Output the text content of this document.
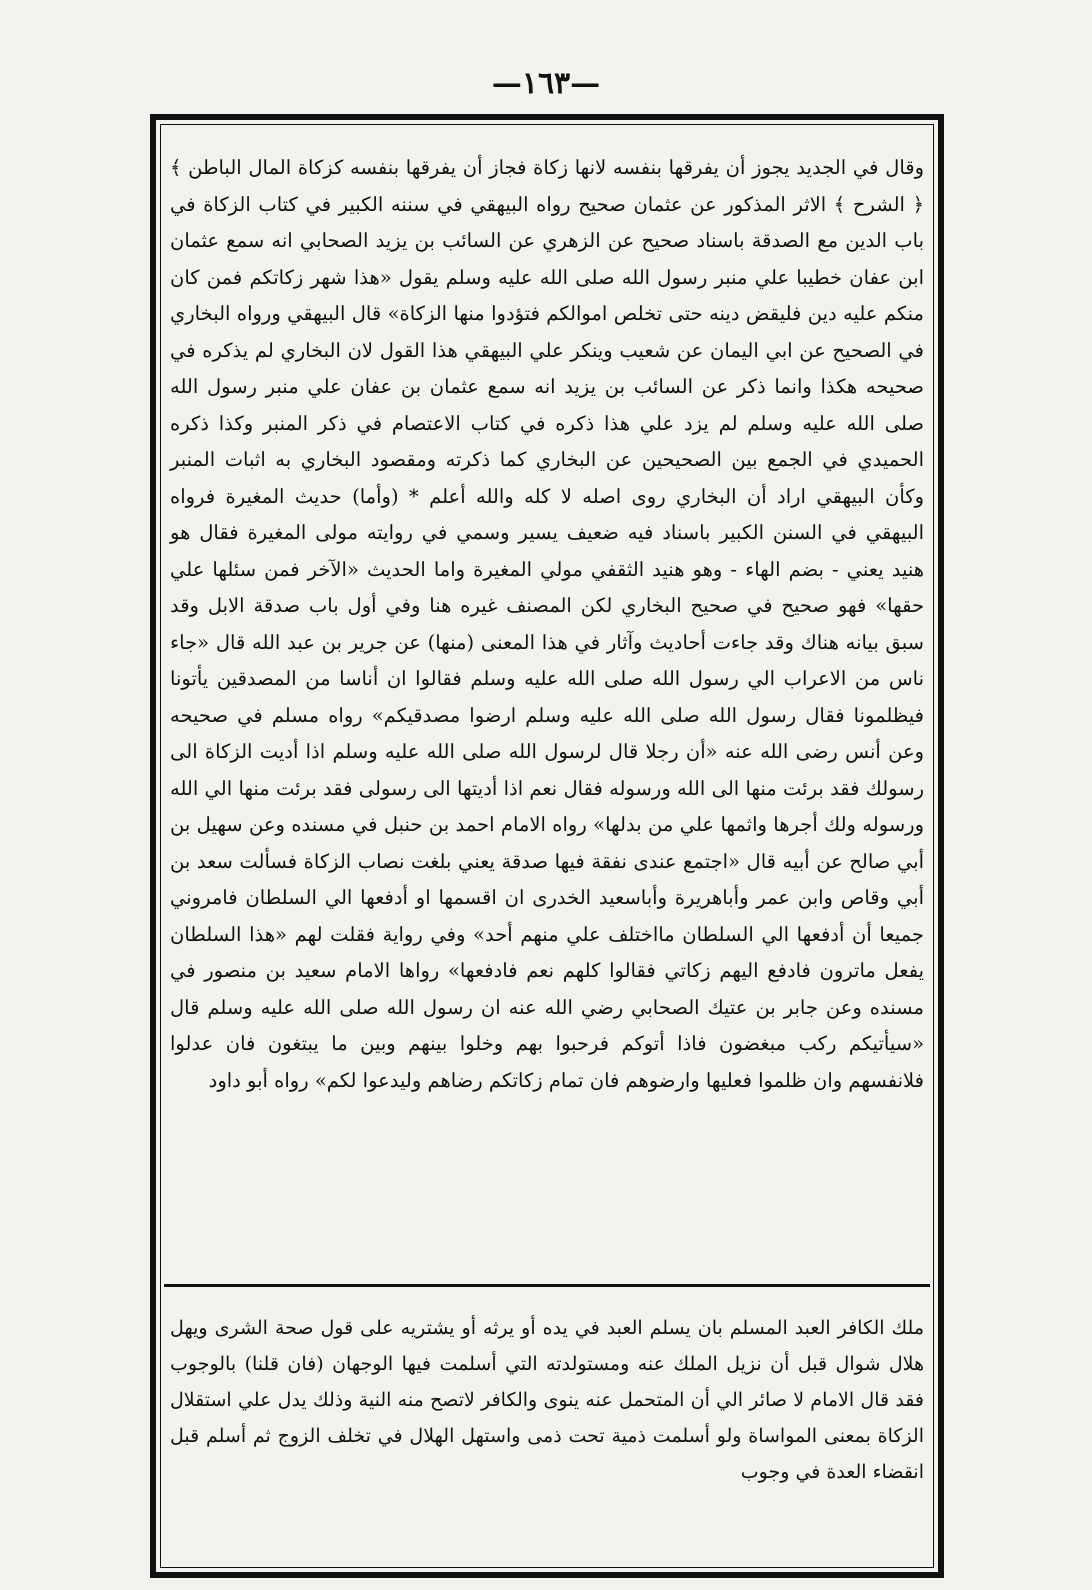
—١٦٣—

وقال في الجديد يجوز أن يفرقها بنفسه لانها زكاة فجاز أن يفرقها بنفسه كزكاة المال الباطن ﴾ ﴿ الشرح ﴾ الاثر المذكور عن عثمان صحيح رواه البيهقي في سننه الكبير في كتاب الزكاة في باب الدين مع الصدقة باسناد صحيح عن الزهري عن السائب بن يزيد الصحابي انه سمع عثمان ابن عفان خطيبا علي منبر رسول الله صلى الله عليه وسلم يقول «هذا شهر زكاتكم فمن كان منكم عليه دين فليقض دينه حتى تخلص اموالكم فتؤدوا منها الزكاة» قال البيهقي ورواه البخاري في الصحيح عن ابي اليمان عن شعيب وينكر علي البيهقي هذا القول لان البخاري لم يذكره في صحيحه هكذا وانما ذكر عن السائب بن يزيد انه سمع عثمان بن عفان علي منبر رسول الله صلى الله عليه وسلم لم يزد علي هذا ذكره في كتاب الاعتصام في ذكر المنبر وكذا ذكره الحميدي في الجمع بين الصحيحين عن البخاري كما ذكرته ومقصود البخاري به اثبات المنبر وكأن البيهقي اراد أن البخاري روى اصله لا كله والله أعلم * (وأما) حديث المغيرة فرواه البيهقي في السنن الكبير باسناد فيه ضعيف يسير وسمي في روايته مولى المغيرة فقال هو هنيد يعني - بضم الهاء - وهو هنيد الثقفي مولي المغيرة واما الحديث «الآخر فمن سئلها علي حقها» فهو صحيح في صحيح البخاري لكن المصنف غيره هنا وفي أول باب صدقة الابل وقد سبق بيانه هناك وقد جاءت أحاديث وآثار في هذا المعنى (منها) عن جرير بن عبد الله قال «جاء ناس من الاعراب الي رسول الله صلى الله عليه وسلم فقالوا ان أناسا من المصدقين يأتونا فيظلمونا فقال رسول الله صلى الله عليه وسلم ارضوا مصدقيكم» رواه مسلم في صحيحه وعن أنس رضى الله عنه «أن رجلا قال لرسول الله صلى الله عليه وسلم اذا أديت الزكاة الى رسولك فقد برئت منها الى الله ورسوله فقال نعم اذا أديتها الى رسولى فقد برئت منها الي الله ورسوله ولك أجرها واثمها علي من بدلها» رواه الامام احمد بن حنبل في مسنده وعن سهيل بن أبي صالح عن أبيه قال «اجتمع عندى نفقة فيها صدقة يعني بلغت نصاب الزكاة فسألت سعد بن أبي وقاص وابن عمر وأباهريرة وأباسعيد الخدرى ان اقسمها او أدفعها الي السلطان فامروني جميعا أن أدفعها الي السلطان مااختلف علي منهم أحد» وفي رواية فقلت لهم «هذا السلطان يفعل ماترون فادفع اليهم زكاتي فقالوا كلهم نعم فادفعها» رواها الامام سعيد بن منصور في مسنده وعن جابر بن عتيك الصحابي رضي الله عنه ان رسول الله صلى الله عليه وسلم قال «سيأتيكم ركب مبغضون فاذا أتوكم فرحبوا بهم وخلوا بينهم وبين ما يبتغون فان عدلوا فلانفسهم وان ظلموا فعليها وارضوهم فان تمام زكاتكم رضاهم وليدعوا لكم» رواه أبو داود

ملك الكافر العبد المسلم بان يسلم العبد في يده أو يرثه أو يشتريه على قول صحة الشرى ويهل هلال شوال قبل أن نزيل الملك عنه ومستولدته التي أسلمت فيها الوجهان (فان قلنا) بالوجوب فقد قال الامام لا صائر الي أن المتحمل عنه ينوى والكافر لاتصح منه النية وذلك يدل علي استقلال الزكاة بمعنى المواساة ولو أسلمت ذمية تحت ذمى واستهل الهلال في تخلف الزوج ثم أسلم قبل انقضاء العدة في وجوب
